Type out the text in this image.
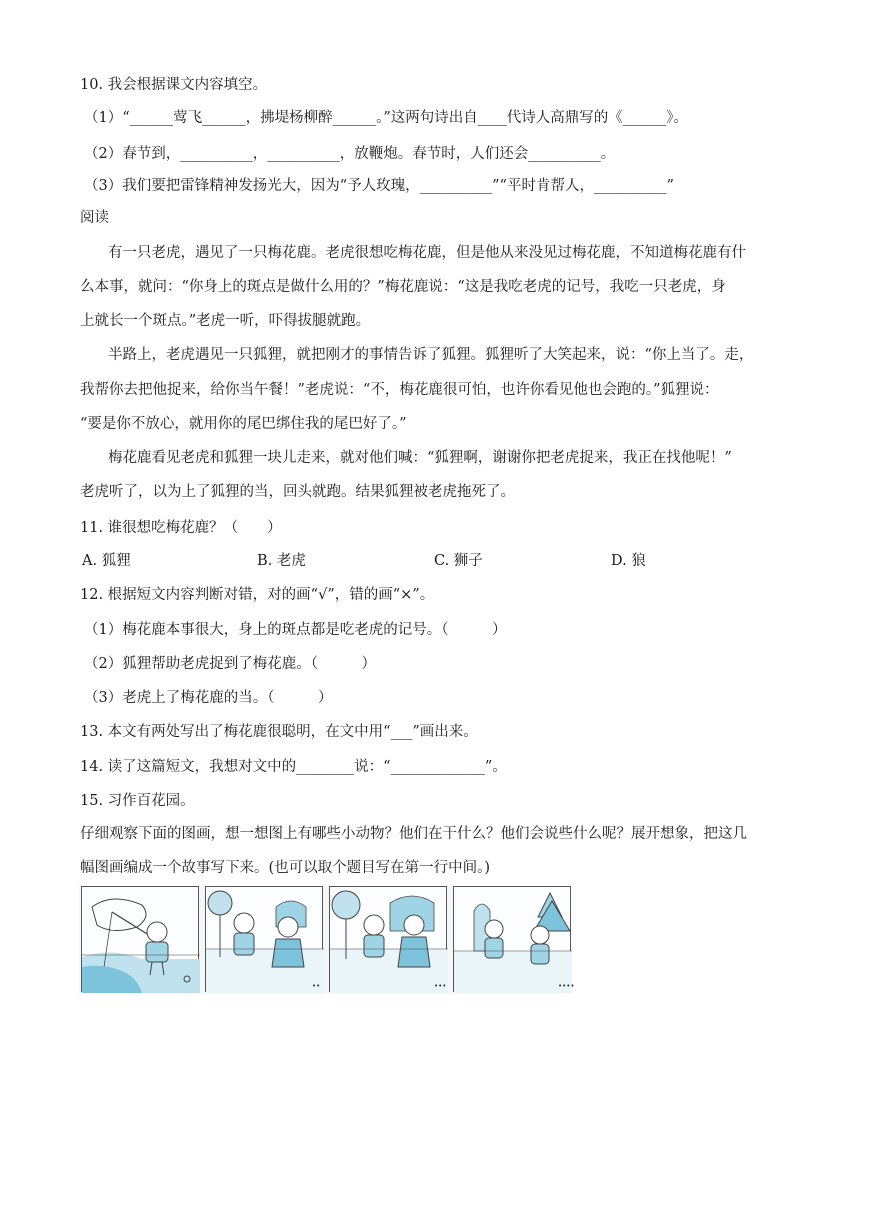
10. 我会根据课文内容填空。
（1）“______莺飞______，拂堤杨柳醉______。”这两句诗出自____代诗人高鼎写的《______》。
（2）春节到，__________，__________，放鞭炮。春节时，人们还会__________。
（3）我们要把雷锋精神发扬光大，因为“予人玫瑰，__________”“平时肯帮人，__________”
阅读
有一只老虎，遇见了一只梅花鹿。老虎很想吃梅花鹿，但是他从来没见过梅花鹿，不知道梅花鹿有什
么本事，就问：“你身上的斑点是做什么用的？”梅花鹿说：“这是我吃老虎的记号，我吃一只老虎，身
上就长一个斑点。”老虎一听，吓得拔腿就跑。
半路上，老虎遇见一只狐狸，就把刚才的事情告诉了狐狸。狐狸听了大笑起来，说：“你上当了。走，
我帮你去把他捉来，给你当午餐！”老虎说：“不，梅花鹿很可怕，也许你看见他也会跑的。”狐狸说：
“要是你不放心，就用你的尾巴绑住我的尾巴好了。”
梅花鹿看见老虎和狐狸一块儿走来，就对他们喊：“狐狸啊，谢谢你把老虎捉来，我正在找他呢！”
老虎听了，以为上了狐狸的当，回头就跑。结果狐狸被老虎拖死了。
11. 谁很想吃梅花鹿？（　　）
A. 狐狸	B. 老虎	C. 狮子	D. 狼
12. 根据短文内容判断对错，对的画“√”，错的画“×”。
（1）梅花鹿本事很大，身上的斑点都是吃老虎的记号。（　　　）
（2）狐狸帮助老虎捉到了梅花鹿。（　　　）
（3）老虎上了梅花鹿的当。（　　　）
13. 本文有两处写出了梅花鹿很聪明，在文中用“___”画出来。
14. 读了这篇短文，我想对文中的________说：“_____________”。
15. 习作百花园。
仔细观察下面的图画，想一想图上有哪些小动物？他们在干什么？他们会说些什么呢？展开想象，把这几
幅图画编成一个故事写下来。(也可以取个题目写在第一行中间。)
••	•••	••••
